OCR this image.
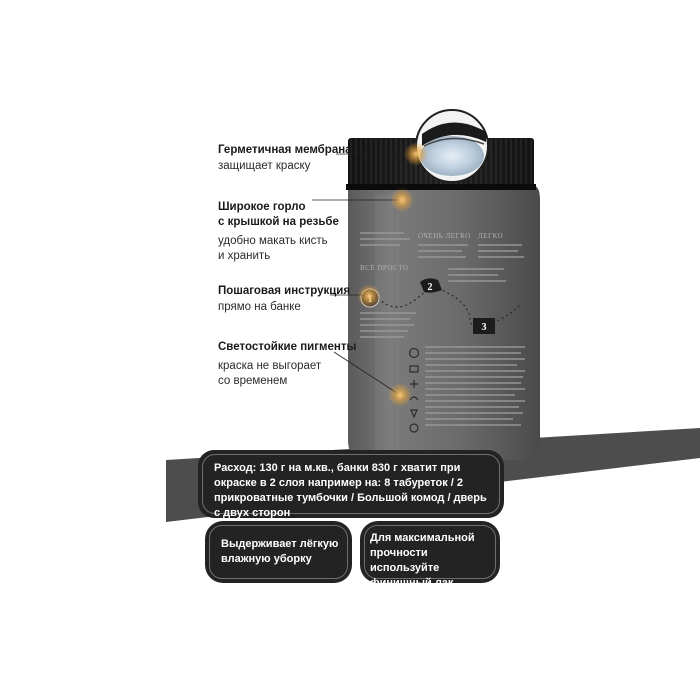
ВСЁ ПРОСТО
ОЧЕНЬ ЛЕГКО ЛЕГКО
2
3
Герметичная мембрана
защищает краску
Широкое горло
с крышкой на резьбе
удобно макать кисть
и хранить
Пошаговая инструкция
прямо на банке
Светостойкие пигменты
краска не выгорает
со временем
Расход: 130 г на м.кв., банки 830 г хватит при окраске в 2 слоя например на: 8 табуреток / 2 прикроватные тумбочки / Большой комод / дверь с двух сторон
Выдерживает лёгкую влажную уборку
Для максимальной прочности используйте финишный лак
